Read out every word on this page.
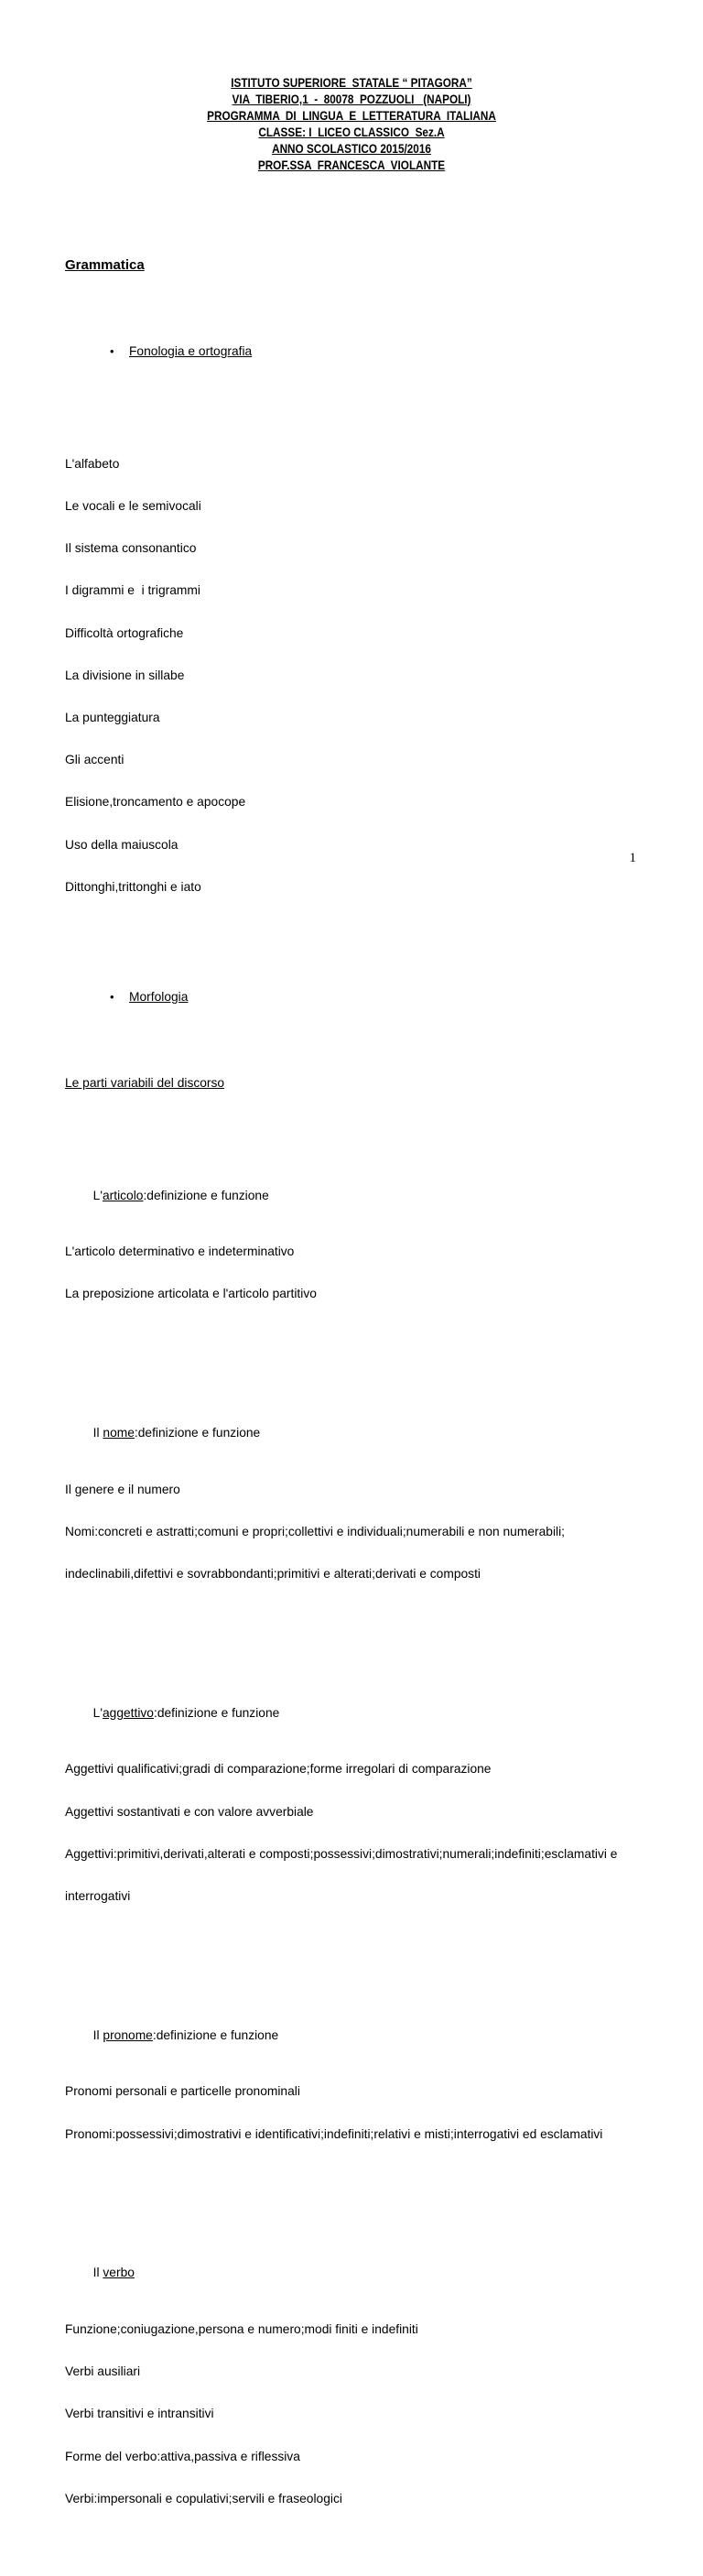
ISTITUTO SUPERIORE  STATALE “ PITAGORA”
VIA  TIBERIO,1  -  80078  POZZUOLI   (NAPOLI)
PROGRAMMA  DI  LINGUA  E  LETTERATURA  ITALIANA
CLASSE: I  LICEO CLASSICO  Sez.A
ANNO SCOLASTICO 2015/2016
PROF.SSA  FRANCESCA  VIOLANTE

Grammatica

• Fonologia e ortografia

L'alfabeto

Le vocali e le semivocali

Il sistema consonantico

I digrammi e  i trigrammi

Difficoltà ortografiche

La divisione in sillabe

La punteggiatura

Gli accenti

Elisione,troncamento e apocope

Uso della maiuscola

Dittonghi,trittonghi e iato

• Morfologia

Le parti variabili del discorso

L'articolo:definizione e funzione

L'articolo determinativo e indeterminativo

La preposizione articolata e l'articolo partitivo

Il nome:definizione e funzione

Il genere e il numero

Nomi:concreti e astratti;comuni e propri;collettivi e individuali;numerabili e non numerabili;

indeclinabili,difettivi e sovrabbondanti;primitivi e alterati;derivati e composti

L'aggettivo:definizione e funzione

Aggettivi qualificativi;gradi di comparazione;forme irregolari di comparazione

Aggettivi sostantivati e con valore avverbiale

Aggettivi:primitivi,derivati,alterati e composti;possessivi;dimostrativi;numerali;indefiniti;esclamativi e

interrogativi

Il pronome:definizione e funzione

Pronomi personali e particelle pronominali

Pronomi:possessivi;dimostrativi e identificativi;indefiniti;relativi e misti;interrogativi ed esclamativi

Il verbo

Funzione;coniugazione,persona e numero;modi finiti e indefiniti

Verbi ausiliari

Verbi transitivi e intransitivi

Forme del verbo:attiva,passiva e riflessiva

Verbi:impersonali e copulativi;servili e fraseologici

1
